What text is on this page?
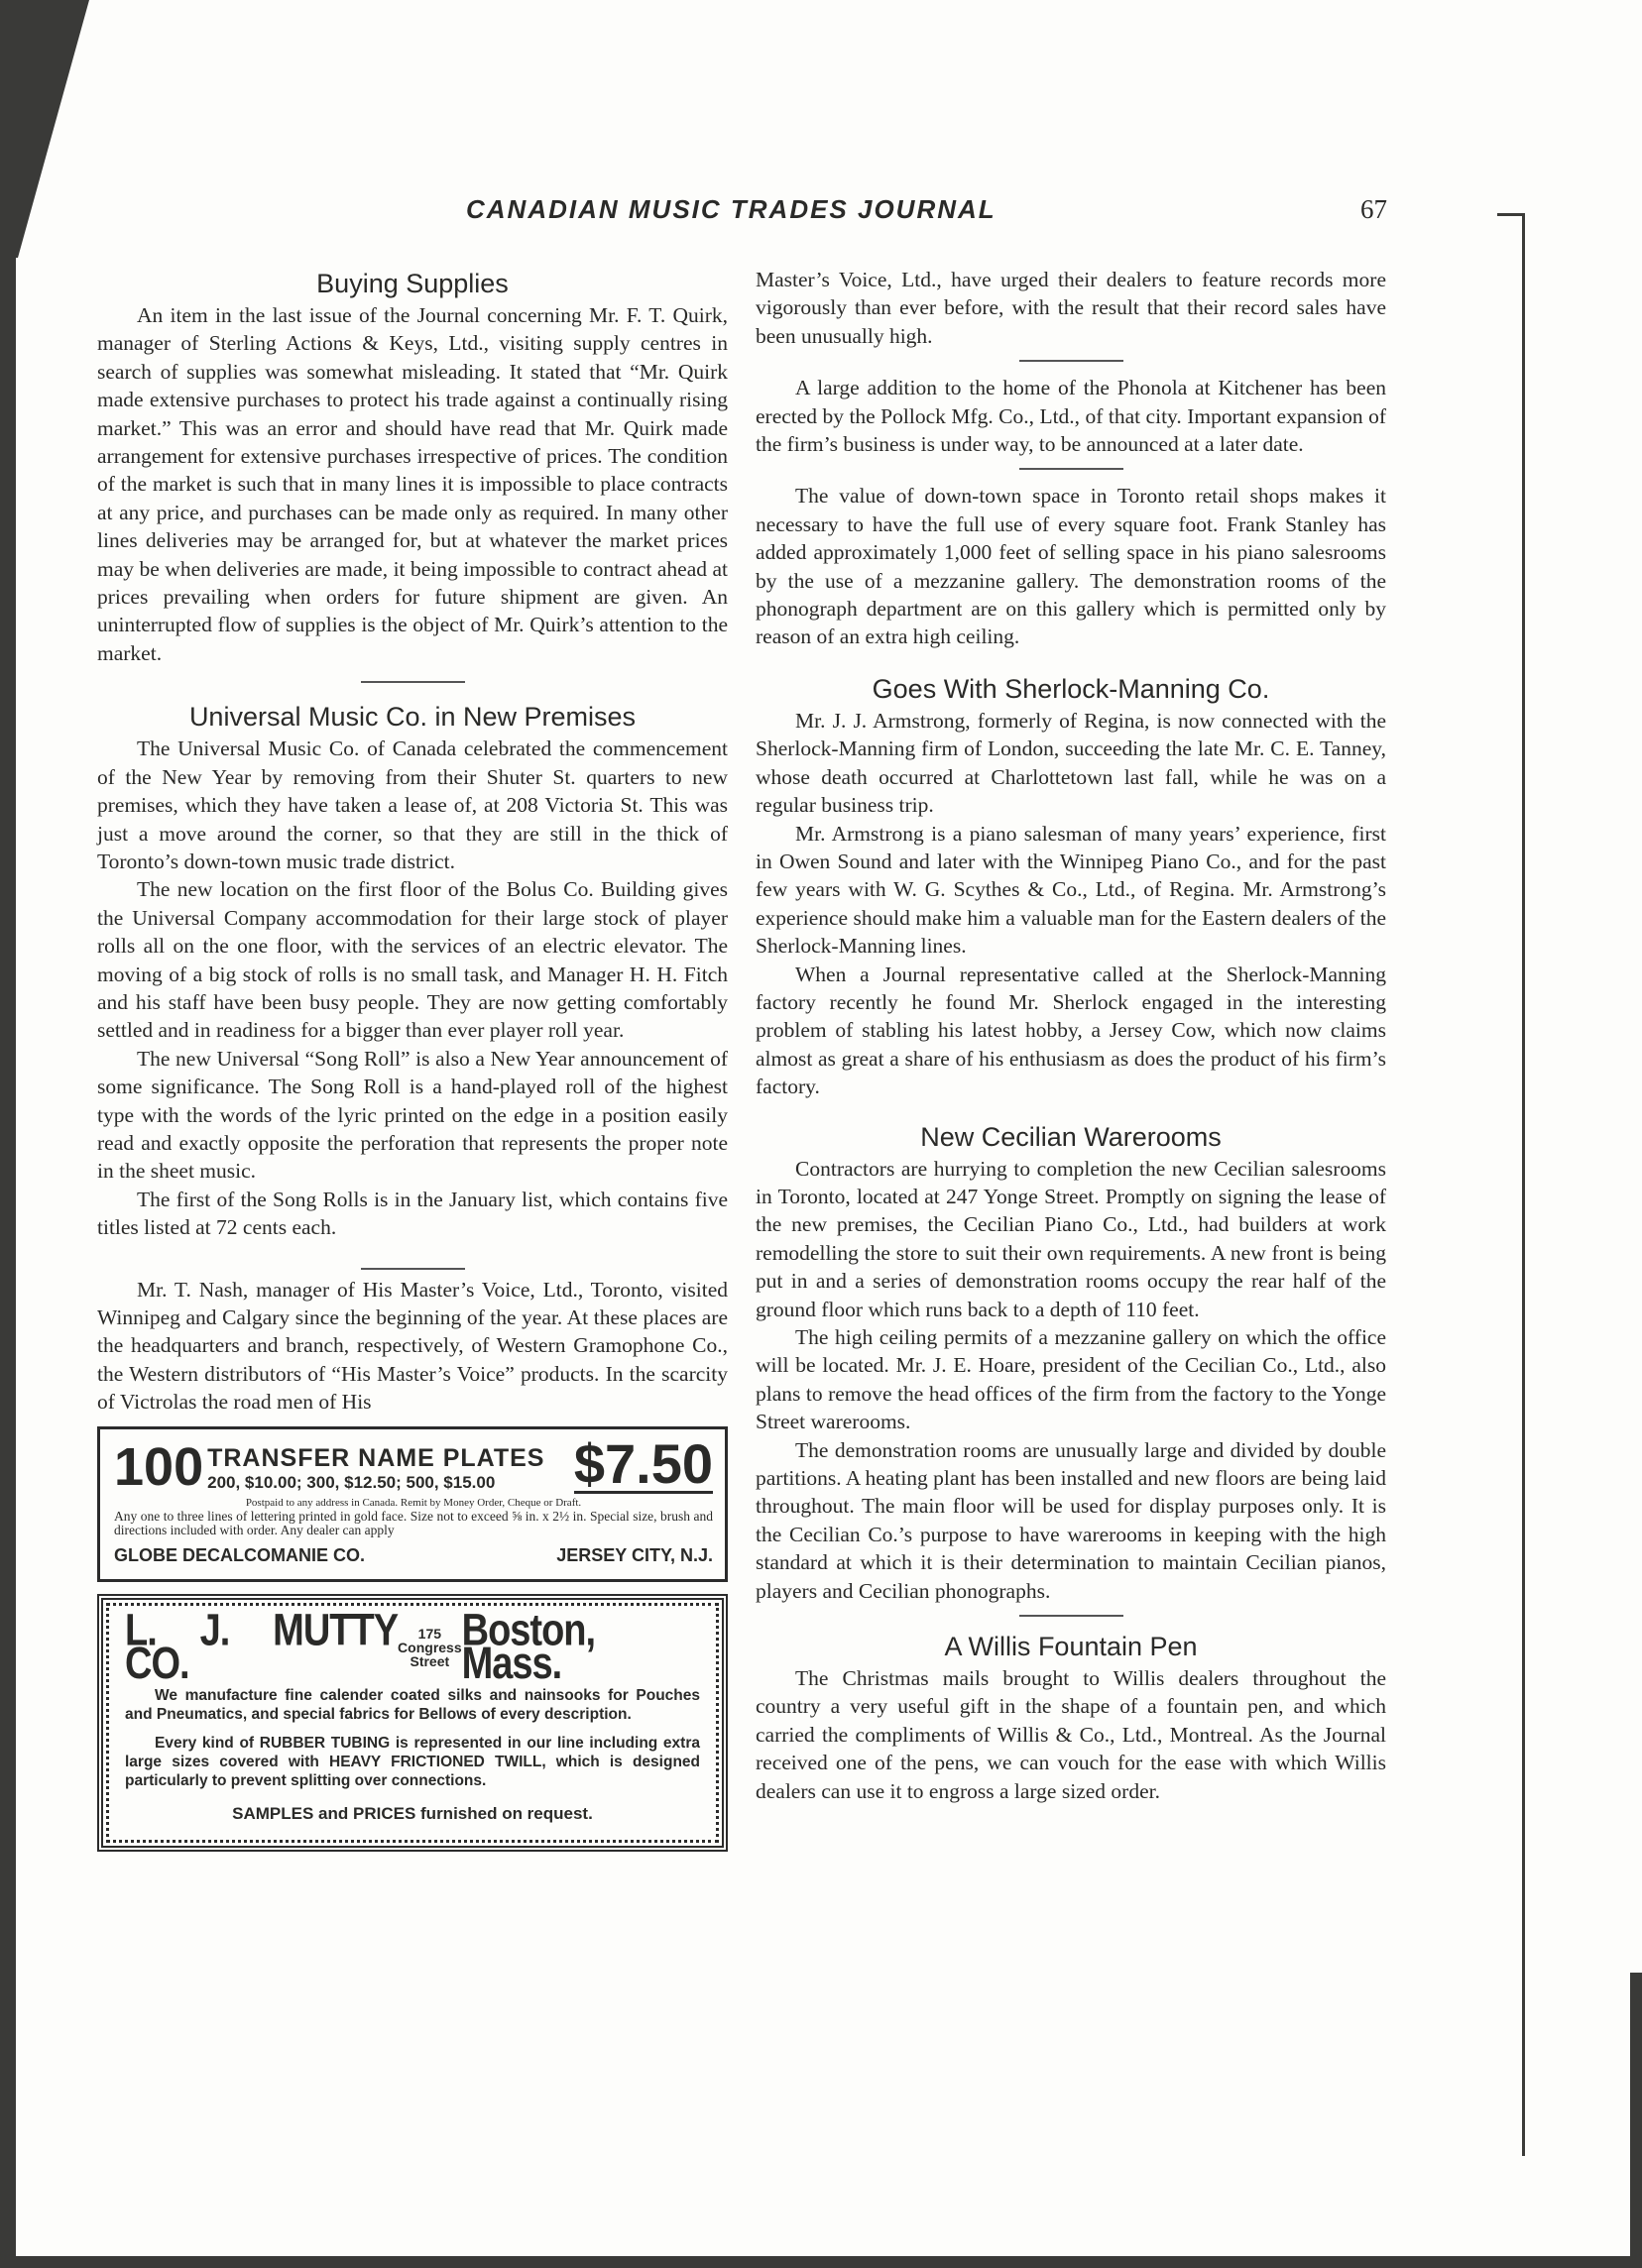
CANADIAN MUSIC TRADES JOURNAL	67
Buying Supplies

An item in the last issue of the Journal concerning Mr. F. T. Quirk, manager of Sterling Actions & Keys, Ltd., visiting supply centres in search of supplies was somewhat misleading. It stated that “Mr. Quirk made extensive purchases to protect his trade against a continually rising market.” This was an error and should have read that Mr. Quirk made arrangement for extensive purchases irrespective of prices. The condition of the market is such that in many lines it is impossible to place contracts at any price, and purchases can be made only as required. In many other lines deliveries may be arranged for, but at whatever the market prices may be when deliveries are made, it being impossible to contract ahead at prices prevailing when orders for future shipment are given. An uninterrupted flow of supplies is the object of Mr. Quirk’s attention to the market.

Universal Music Co. in New Premises

The Universal Music Co. of Canada celebrated the commencement of the New Year by removing from their Shuter St. quarters to new premises, which they have taken a lease of, at 208 Victoria St. This was just a move around the corner, so that they are still in the thick of Toronto’s down-town music trade district.

The new location on the first floor of the Bolus Co. Building gives the Universal Company accommodation for their large stock of player rolls all on the one floor, with the services of an electric elevator. The moving of a big stock of rolls is no small task, and Manager H. H. Fitch and his staff have been busy people. They are now getting comfortably settled and in readiness for a bigger than ever player roll year.

The new Universal “Song Roll” is also a New Year announcement of some significance. The Song Roll is a hand-played roll of the highest type with the words of the lyric printed on the edge in a position easily read and exactly opposite the perforation that represents the proper note in the sheet music.

The first of the Song Rolls is in the January list, which contains five titles listed at 72 cents each.

Mr. T. Nash, manager of His Master’s Voice, Ltd., Toronto, visited Winnipeg and Calgary since the beginning of the year. At these places are the headquarters and branch, respectively, of Western Gramophone Co., the Western distributors of “His Master’s Voice” products. In the scarcity of Victrolas the road men of His

100 TRANSFER NAME PLATES
200, $10.00; 300, $12.50; 500, $15.00	$7.50
Postpaid to any address in Canada. Remit by Money Order, Cheque or Draft.
Any one to three lines of lettering printed in gold face. Size not to exceed ⅝ in. x 2½ in. Special size, brush and directions included with order. Any dealer can apply
GLOBE DECALCOMANIE CO.	JERSEY CITY, N.J.
L. J. MUTTY CO.
175
Congress
Street
Boston, Mass.
We manufacture fine calender coated silks and nainsooks for Pouches and Pneumatics, and special fabrics for Bellows of every description.
Every kind of RUBBER TUBING is represented in our line including extra large sizes covered with HEAVY FRICTIONED TWILL, which is designed particularly to prevent splitting over connections.
SAMPLES and PRICES furnished on request.

Master’s Voice, Ltd., have urged their dealers to feature records more vigorously than ever before, with the result that their record sales have been unusually high.

A large addition to the home of the Phonola at Kitchener has been erected by the Pollock Mfg. Co., Ltd., of that city. Important expansion of the firm’s business is under way, to be announced at a later date.

The value of down-town space in Toronto retail shops makes it necessary to have the full use of every square foot. Frank Stanley has added approximately 1,000 feet of selling space in his piano salesrooms by the use of a mezzanine gallery. The demonstration rooms of the phonograph department are on this gallery which is permitted only by reason of an extra high ceiling.

Goes With Sherlock-Manning Co.

Mr. J. J. Armstrong, formerly of Regina, is now connected with the Sherlock-Manning firm of London, succeeding the late Mr. C. E. Tanney, whose death occurred at Charlottetown last fall, while he was on a regular business trip.

Mr. Armstrong is a piano salesman of many years’ experience, first in Owen Sound and later with the Winnipeg Piano Co., and for the past few years with W. G. Scythes & Co., Ltd., of Regina. Mr. Armstrong’s experience should make him a valuable man for the Eastern dealers of the Sherlock-Manning lines.

When a Journal representative called at the Sherlock-Manning factory recently he found Mr. Sherlock engaged in the interesting problem of stabling his latest hobby, a Jersey Cow, which now claims almost as great a share of his enthusiasm as does the product of his firm’s factory.

New Cecilian Warerooms

Contractors are hurrying to completion the new Cecilian salesrooms in Toronto, located at 247 Yonge Street. Promptly on signing the lease of the new premises, the Cecilian Piano Co., Ltd., had builders at work remodelling the store to suit their own requirements. A new front is being put in and a series of demonstration rooms occupy the rear half of the ground floor which runs back to a depth of 110 feet.

The high ceiling permits of a mezzanine gallery on which the office will be located. Mr. J. E. Hoare, president of the Cecilian Co., Ltd., also plans to remove the head offices of the firm from the factory to the Yonge Street warerooms.

The demonstration rooms are unusually large and divided by double partitions. A heating plant has been installed and new floors are being laid throughout. The main floor will be used for display purposes only. It is the Cecilian Co.’s purpose to have warerooms in keeping with the high standard at which it is their determination to maintain Cecilian pianos, players and Cecilian phonographs.

A Willis Fountain Pen

The Christmas mails brought to Willis dealers throughout the country a very useful gift in the shape of a fountain pen, and which carried the compliments of Willis & Co., Ltd., Montreal. As the Journal received one of the pens, we can vouch for the ease with which Willis dealers can use it to engross a large sized order.
